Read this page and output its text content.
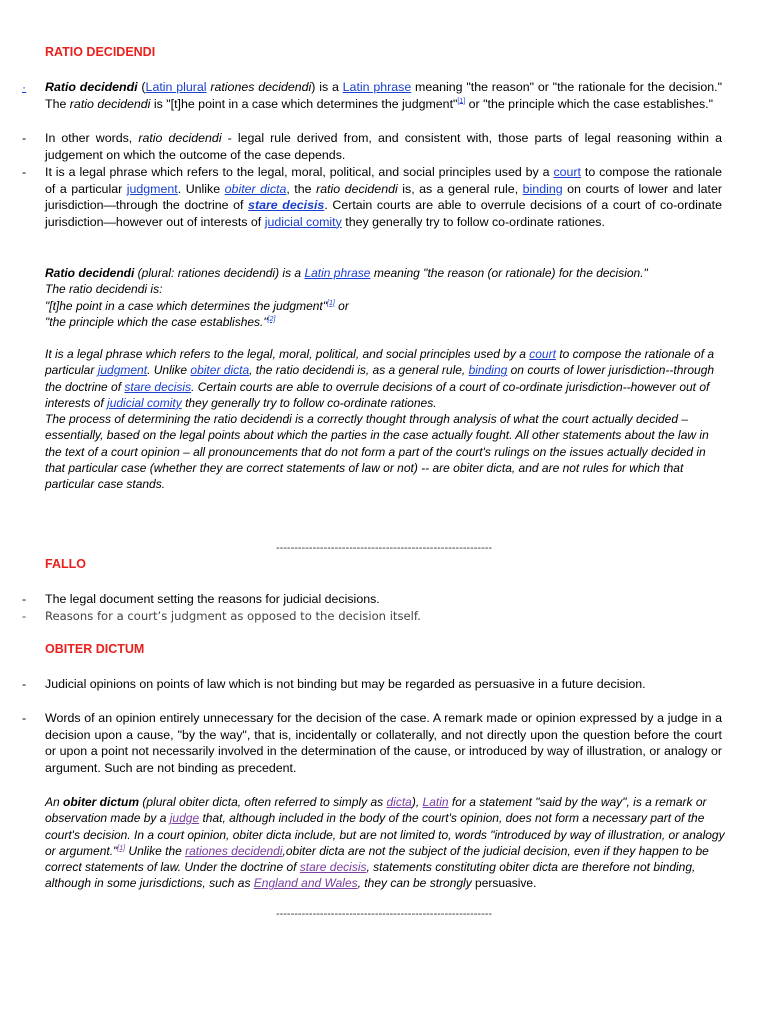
RATIO DECIDENDI
·	Ratio decidendi (Latin plural rationes decidendi) is a Latin phrase meaning "the reason" or "the rationale for the decision." The ratio decidendi is "[t]he point in a case which determines the judgment"[1] or "the principle which the case establishes."
- In other words, ratio decidendi - legal rule derived from, and consistent with, those parts of legal reasoning within a judgement on which the outcome of the case depends.
- It is a legal phrase which refers to the legal, moral, political, and social principles used by a court to compose the rationale of a particular judgment. Unlike obiter dicta, the ratio decidendi is, as a general rule, binding on courts of lower and later jurisdiction—through the doctrine of stare decisis. Certain courts are able to overrule decisions of a court of co-ordinate jurisdiction—however out of interests of judicial comity they generally try to follow co-ordinate rationes.
Ratio decidendi (plural: rationes decidendi) is a Latin phrase meaning "the reason (or rationale) for the decision."
The ratio decidendi is:
"[t]he point in a case which determines the judgment"[1] or
"the principle which the case establishes."[2]
It is a legal phrase which refers to the legal, moral, political, and social principles used by a court to compose the rationale of a particular judgment. Unlike obiter dicta, the ratio decidendi is, as a general rule, binding on courts of lower jurisdiction--through the doctrine of stare decisis. Certain courts are able to overrule decisions of a court of co-ordinate jurisdiction--however out of interests of judicial comity they generally try to follow co-ordinate rationes.
The process of determining the ratio decidendi is a correctly thought through analysis of what the court actually decided – essentially, based on the legal points about which the parties in the case actually fought. All other statements about the law in the text of a court opinion – all pronouncements that do not form a part of the court's rulings on the issues actually decided in that particular case (whether they are correct statements of law or not) -- are obiter dicta, and are not rules for which that particular case stands.
-----------------------------------------------------------
FALLO
- The legal document setting the reasons for judicial decisions.
- Reasons for a court’s judgment as opposed to the decision itself.
OBITER DICTUM
- Judicial opinions on points of law which is not binding but may be regarded as persuasive in a future decision.
- Words of an opinion entirely unnecessary for the decision of the case. A remark made or opinion expressed by a judge in a decision upon a cause, "by the way", that is, incidentally or collaterally, and not directly upon the question before the court or upon a point not necessarily involved in the determination of the cause, or introduced by way of illustration, or analogy or argument. Such are not binding as precedent.
An obiter dictum (plural obiter dicta, often referred to simply as dicta), Latin for a statement "said by the way", is a remark or observation made by a judge that, although included in the body of the court's opinion, does not form a necessary part of the court's decision. In a court opinion, obiter dicta include, but are not limited to, words "introduced by way of illustration, or analogy or argument."[1] Unlike the rationes decidendi,obiter dicta are not the subject of the judicial decision, even if they happen to be correct statements of law. Under the doctrine of stare decisis, statements constituting obiter dicta are therefore not binding, although in some jurisdictions, such as England and Wales, they can be strongly persuasive.
-----------------------------------------------------------
